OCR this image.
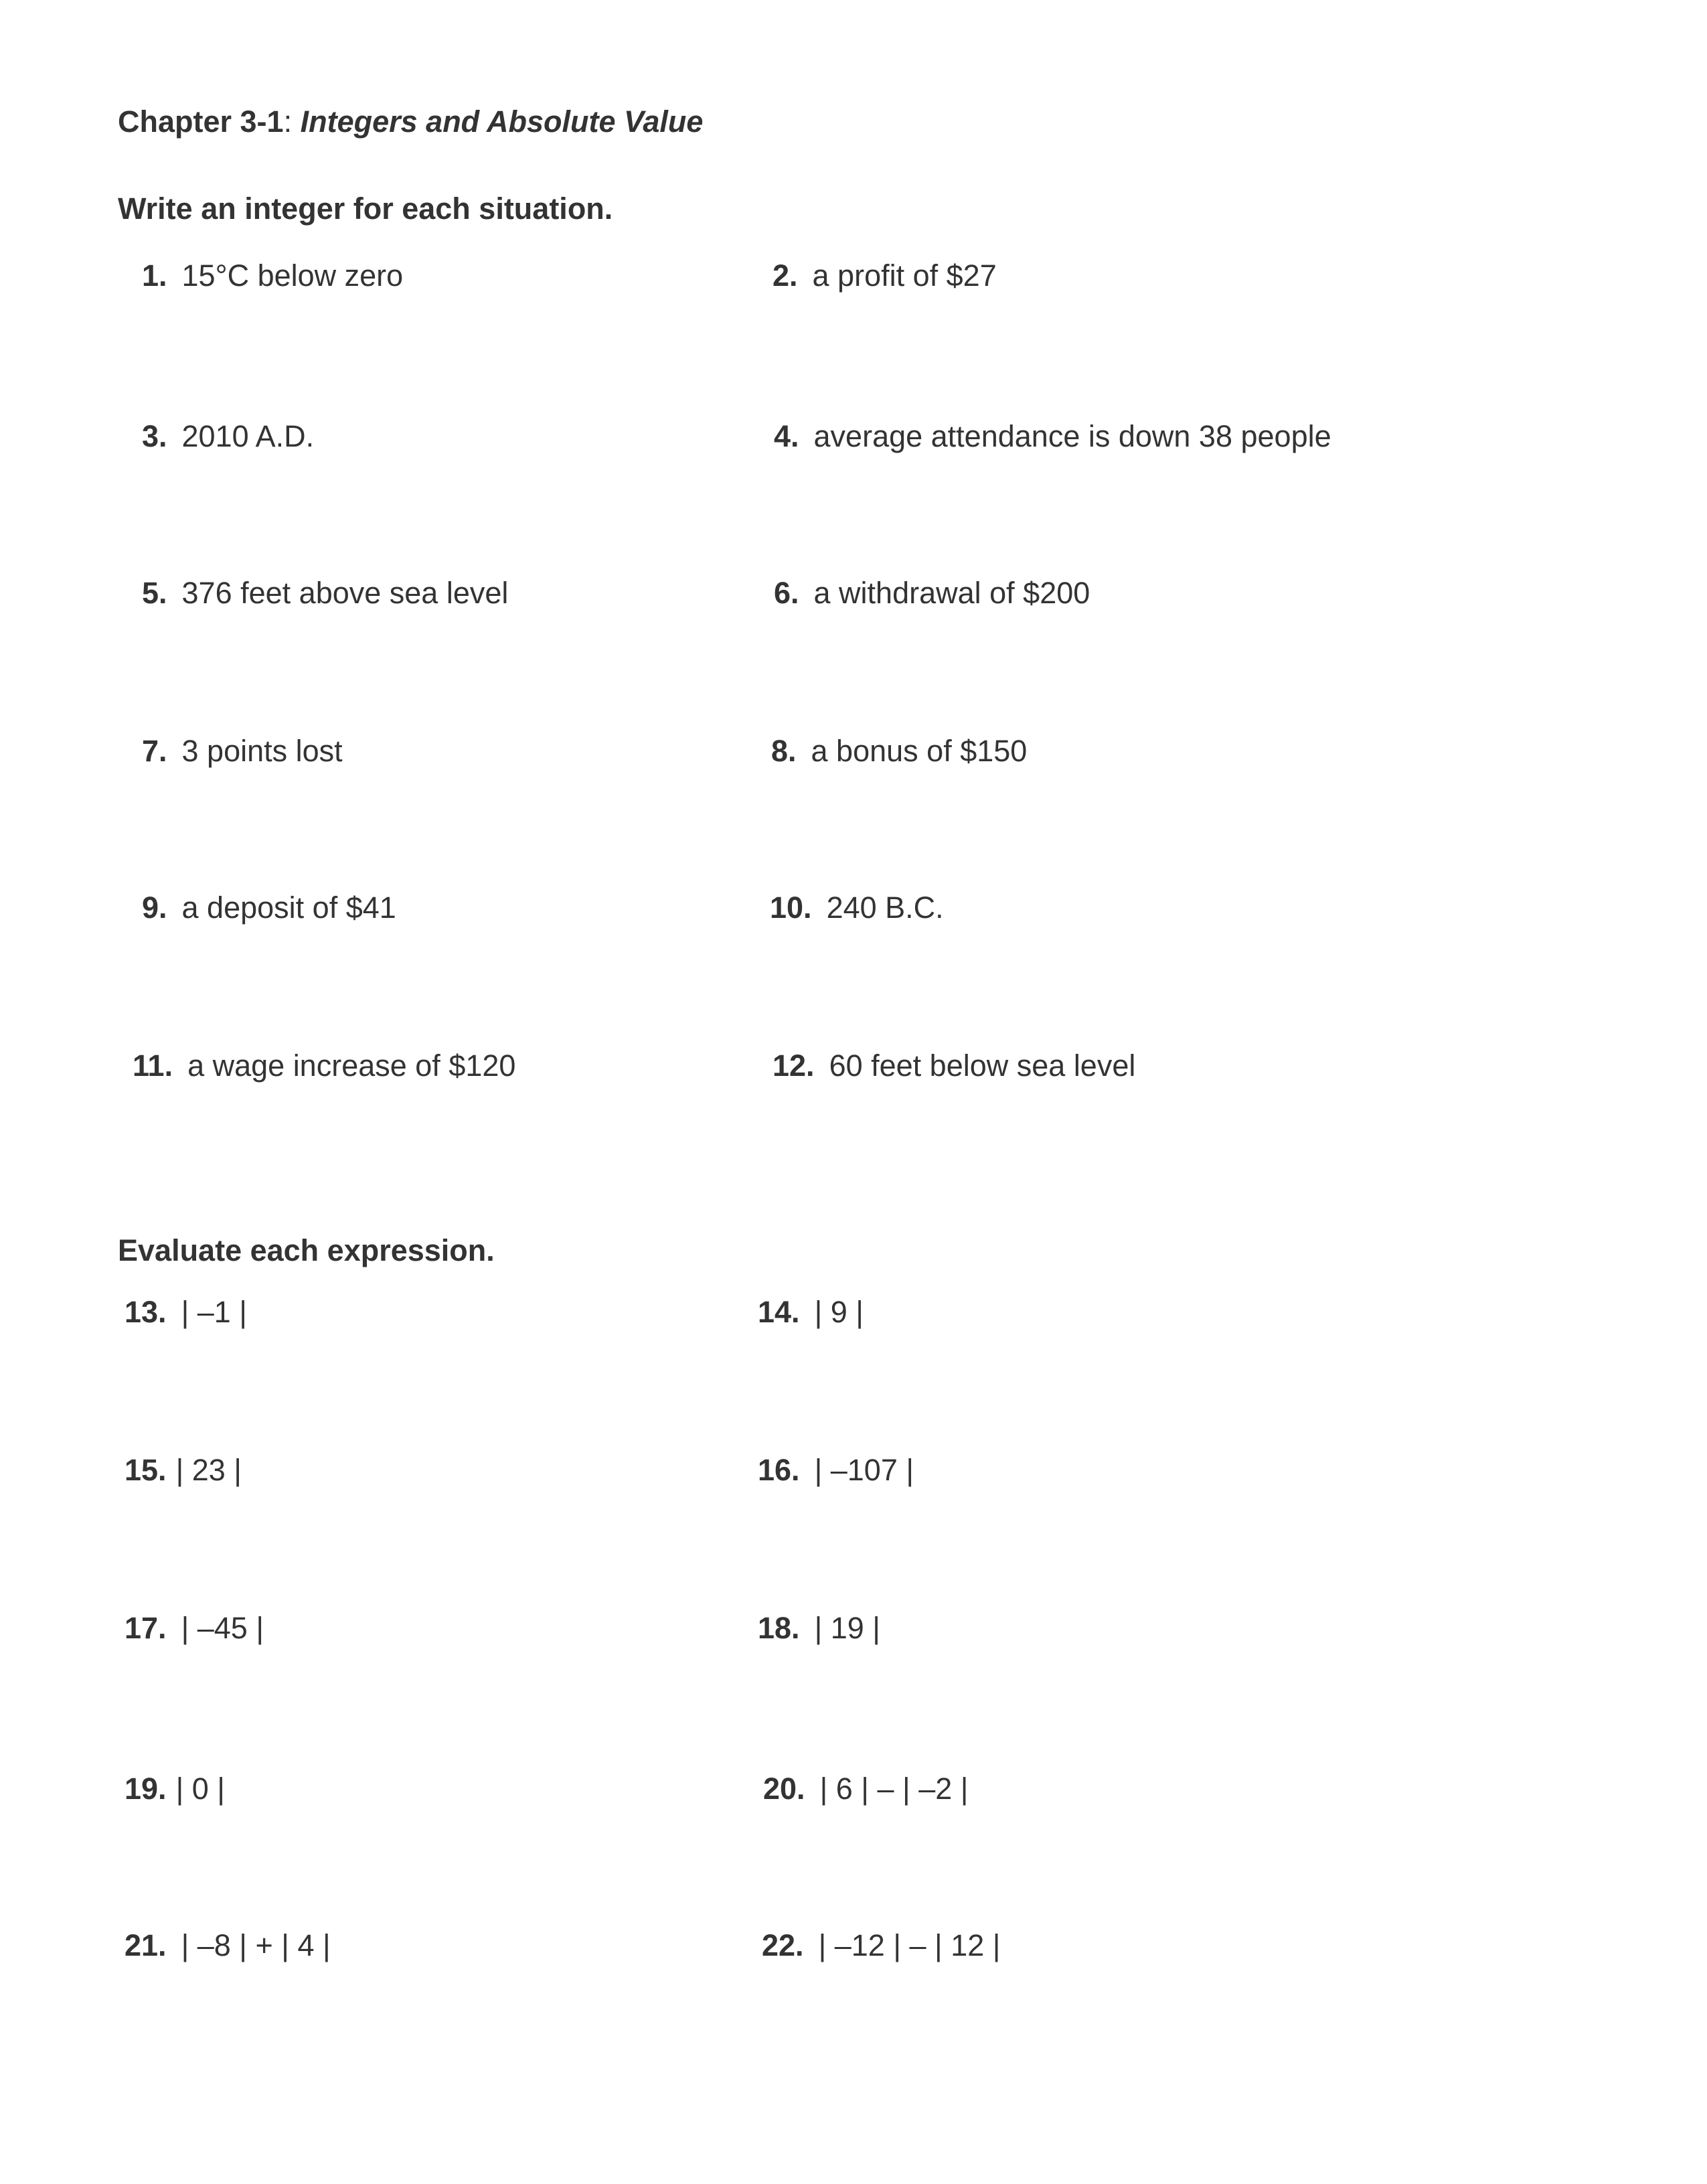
Chapter 3-1: Integers and Absolute Value
Write an integer for each situation.
1. 15°C below zero	2. a profit of $27
3. 2010 A.D.	4. average attendance is down 38 people
5. 376 feet above sea level	6. a withdrawal of $200
7. 3 points lost	8. a bonus of $150
9. a deposit of $41	10. 240 B.C.
11. a wage increase of $120	12. 60 feet below sea level
Evaluate each expression.
13. | –1 |	14. | 9 |
15. | 23 |	16. | –107 |
17. | –45 |	18. | 19 |
19. | 0 |	20. | 6 | – | –2 |
21. | –8 | + | 4 |	22. | –12 | – | 12 |
